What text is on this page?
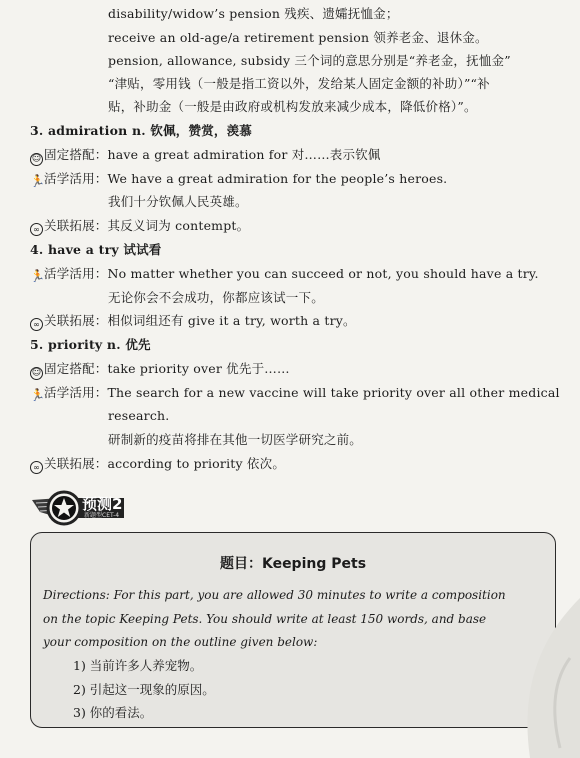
disability/widow’s pension 残疾、遗孀抚恤金；
receive an old-age/a retirement pension 领养老金、退休金。
pension, allowance, subsidy 三个词的意思分别是“养老金，抚恤金”
“津贴，零用钱（一般是指工资以外，发给某人固定金额的补助）”“补
贴，补助金（一般是由政府或机构发放来减少成本，降低价格）”。
3. admiration n. 钦佩，赞赏，羡慕
☺ 固定搭配：have a great admiration for 对……表示钦佩
🏃活学活用：We have a great admiration for the people’s heroes.
我们十分钦佩人民英雄。
∞ 关联拓展：其反义词为 contempt。
4. have a try 试试看
🏃活学活用：No matter whether you can succeed or not, you should have a try.
无论你会不会成功，你都应该试一下。
∞ 关联拓展：相似词组还有 give it a try, worth a try。
5. priority n. 优先
☺ 固定搭配：take priority over 优先于……
🏃活学活用：The search for a new vaccine will take priority over all other medical
research.
研制新的疫苗将排在其他一切医学研究之前。
∞ 关联拓展：according to priority 依次。
预测2
新题型CET-4
题目：Keeping Pets
Directions: For this part, you are allowed 30 minutes to write a composition
on the topic Keeping Pets. You should write at least 150 words, and base
your composition on the outline given below:
1) 当前许多人养宠物。
2) 引起这一现象的原因。
3) 你的看法。
